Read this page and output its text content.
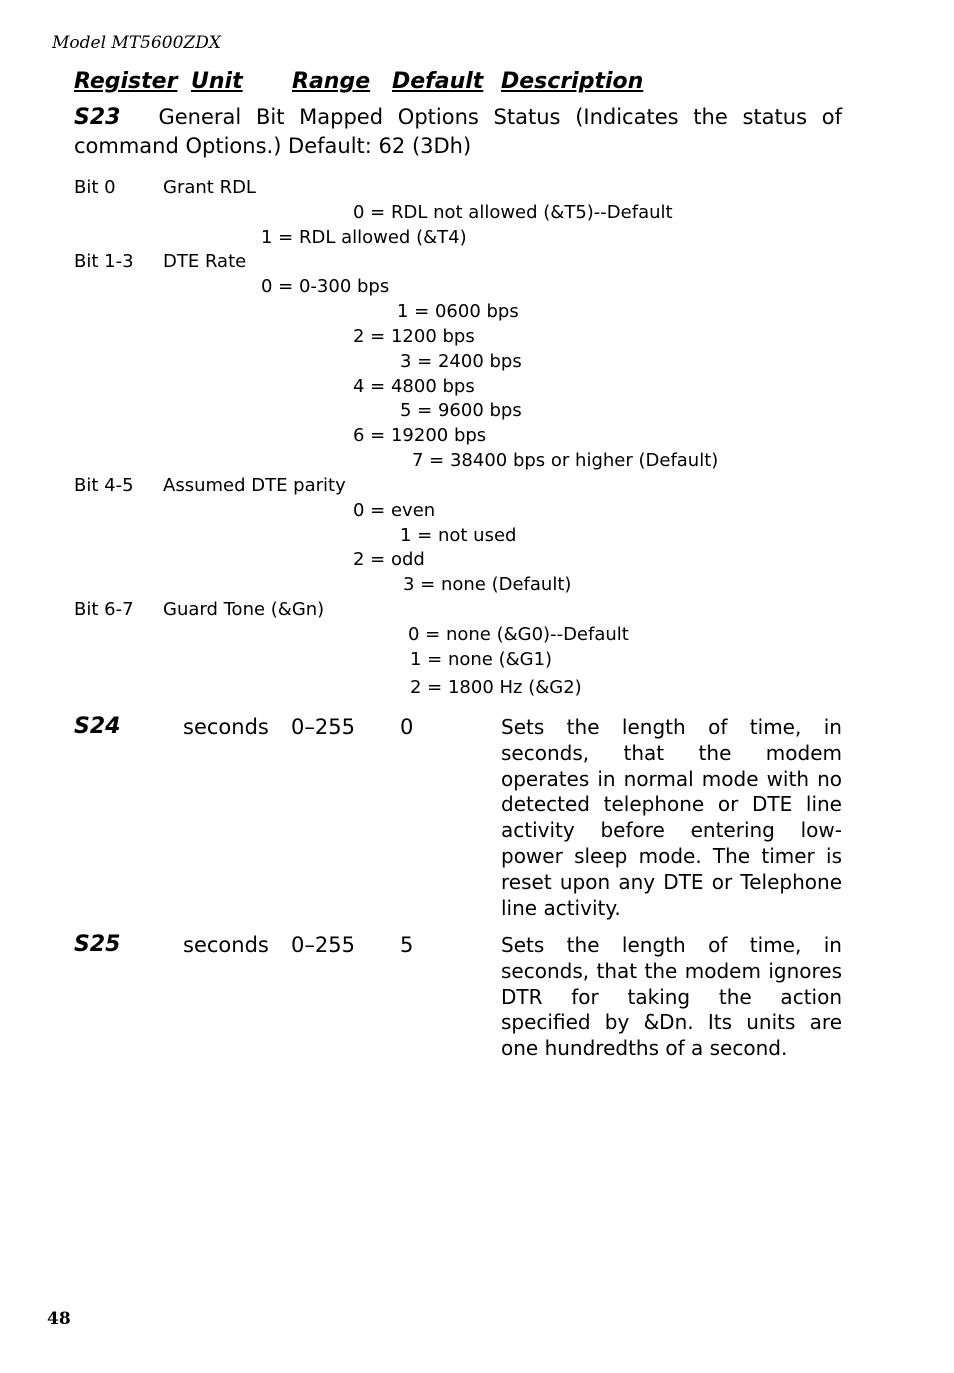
Model MT5600ZDX
Register Unit Range Default Description
S23 General Bit Mapped Options Status (Indicates the status of command Options.) Default: 62 (3Dh)
Bit 0	Grant RDL
0 = RDL not allowed (&T5)--Default
1 = RDL allowed (&T4)
Bit 1-3 DTE Rate
0 = 0-300 bps
1 = 0600 bps
2 = 1200 bps
3 = 2400 bps
4 = 4800 bps
5 = 9600 bps
6 = 19200 bps
7 = 38400 bps or higher (Default)
Bit 4-5 Assumed DTE parity
0 = even
1 = not used
2 = odd
3 = none (Default)
Bit 6-7 Guard Tone (&Gn)
0 = none (&G0)--Default
1 = none (&G1)
2 = 1800 Hz (&G2)
S24	seconds 0–255 0	Sets the length of time, in seconds, that the modem operates in normal mode with no detected telephone or DTE line activity before entering low-power sleep mode. The timer is reset upon any DTE or Telephone line activity.
S25	seconds 0–255 5	Sets the length of time, in seconds, that the modem ignores DTR for taking the action specified by &Dn. Its units are one hundredths of a second.
48
